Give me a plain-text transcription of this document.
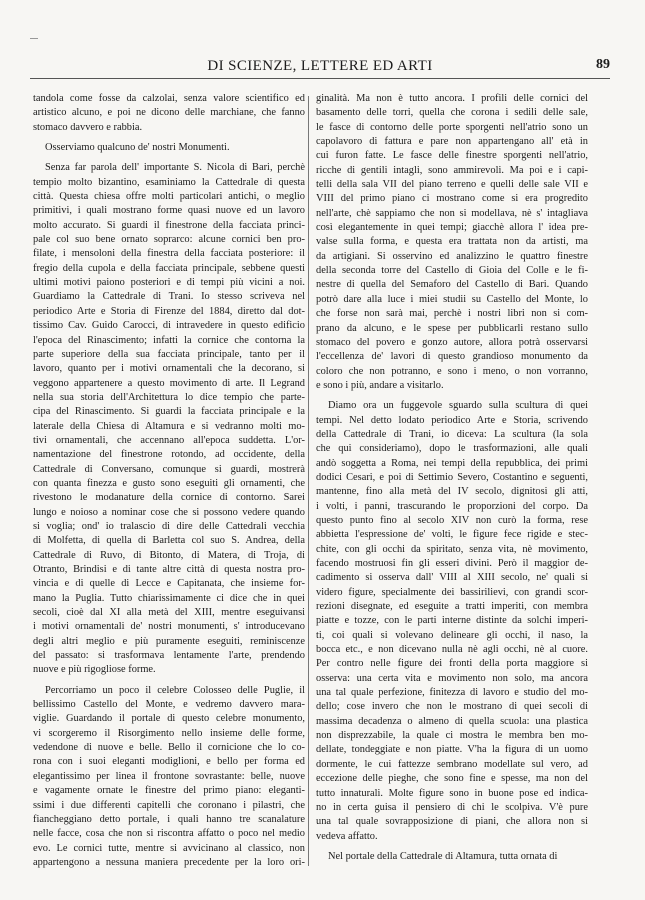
DI SCIENZE, LETTERE ED ARTI	89
tandola come fosse da calzolai, senza valore scientifico ed
artistico alcuno, e poi ne dicono delle marchiane, che fanno
stomaco davvero e rabbia.
Osserviamo qualcuno de' nostri Monumenti.
Senza far parola dell' importante S. Nicola di Bari, perchè
tempio molto bizantino, esaminiamo la Cattedrale di questa
città. Questa chiesa offre molti particolari antichi, o meglio
primitivi, i quali mostrano forme quasi nuove ed un lavoro
molto accurato. Si guardi il finestrone della facciata princi-
pale col suo bene ornato soprarco: alcune cornici ben pro-
filate, i mensoloni della finestra della facciata posteriore: il
fregio della cupola e della facciata principale, sebbene questi
ultimi motivi paiono posteriori e di tempi più vicini a noi.
Guardiamo la Cattedrale di Trani. Io stesso scriveva nel
periodico Arte e Storia di Firenze del 1884, diretto dal dot-
tissimo Cav. Guido Carocci, di intravedere in questo edificio
l'epoca del Rinascimento; infatti la cornice che contorna la
parte superiore della sua facciata principale, tanto per il
lavoro, quanto per i motivi ornamentali che la decorano, si
veggono appartenere a questo movimento di arte. Il Legrand
nella sua storia dell'Architettura lo dice tempio che parte-
cipa del Rinascimento. Si guardi la facciata principale e la
laterale della Chiesa di Altamura e si vedranno molti mo-
tivi ornamentali, che accennano all'epoca suddetta. L'or-
namentazione del finestrone rotondo, ad occidente, della
Cattedrale di Conversano, comunque si guardi, mostrerà
con quanta finezza e gusto sono eseguiti gli ornamenti, che
rivestono le modanature della cornice di contorno. Sarei
lungo e noioso a nominar cose che si possono vedere quando
si voglia; ond' io tralascio di dire delle Cattedrali vecchia
di Molfetta, di quella di Barletta col suo S. Andrea, della
Cattedrale di Ruvo, di Bitonto, di Matera, di Troja, di
Otranto, Brindisi e di tante altre città di questa nostra pro-
vincia e di quelle di Lecce e Capitanata, che insieme for-
mano la Puglia. Tutto chiarissimamente ci dice che in quei
secoli, cioè dal XI alla metà del XIII, mentre eseguivansi
i motivi ornamentali de' nostri monumenti, s' introducevano
degli altri meglio e più puramente eseguiti, reminiscenze
del passato: si trasformava lentamente l'arte, prendendo
nuove e più rigogliose forme.
Percorriamo un poco il celebre Colosseo delle Puglie, il
bellissimo Castello del Monte, e vedremo davvero mara-
viglie. Guardando il portale di questo celebre monumento,
vi scorgeremo il Risorgimento nello insieme delle forme,
vedendone di nuove e belle. Bello il cornicione che lo co-
rona con i suoi eleganti modiglioni, e bello per forma ed
elegantissimo per linea il frontone sovrastante: belle, nuove
e vagamente ornate le finestre del primo piano: eleganti-
ssimi i due differenti capitelli che coronano i pilastri, che
fiancheggiano detto portale, i quali hanno tre scanalature
nelle facce, cosa che non si riscontra affatto o poco nel medio
evo. Le cornici tutte, mentre si avvicinano al classico, non
appartengono a nessuna maniera precedente per la loro ori-
ginalità. Ma non è tutto ancora. I profili delle cornici del
basamento delle torri, quella che corona i sedili delle sale,
le fasce di contorno delle porte sporgenti nell'atrio sono un
capolavoro di fattura e pare non appartengano all' età in
cui furon fatte. Le fasce delle finestre sporgenti nell'atrio,
ricche di gentili intagli, sono ammirevoli. Ma poi e i capi-
telli della sala VII del piano terreno e quelli delle sale VII e
VIII del primo piano ci mostrano come si era progredito
nell'arte, chè sappiamo che non si modellava, nè s' intagliava
così elegantemente in quei tempi; giacchè allora l' idea pre-
valse sulla forma, e questa era trattata non da artisti, ma
da artigiani. Si osservino ed analizzino le quattro finestre
della seconda torre del Castello di Gioia del Colle e le fi-
nestre di quella del Semaforo del Castello di Bari. Quando
potrò dare alla luce i miei studii su Castello del Monte, lo
che forse non sarà mai, perchè i nostri libri non si com-
prano da alcuno, e le spese per pubblicarli restano sullo
stomaco del povero e gonzo autore, allora potrà osservarsi
l'eccellenza de' lavori di questo grandioso monumento da
coloro che non potranno, e sono i meno, o non vorranno,
e sono i più, andare a visitarlo.
Diamo ora un fuggevole sguardo sulla scultura di quei
tempi. Nel detto lodato periodico Arte e Storia, scrivendo
della Cattedrale di Trani, io diceva: La scultura (la sola
che qui consideriamo), dopo le trasformazioni, alle quali
andò soggetta a Roma, nei tempi della repubblica, dei primi
dodici Cesari, e poi di Settimio Severo, Costantino e seguenti,
mantenne, fino alla metà del IV secolo, dignitosi gli atti,
i volti, i panni, trascurando le proporzioni del corpo. Da
questo punto fino al secolo XIV non curò la forma, rese
abbietta l'espressione de' volti, le figure fece rigide e stec-
chite, con gli occhi da spiritato, senza vita, nè movimento,
facendo mostruosi fin gli esseri divini. Però il maggior de-
cadimento si osserva dall' VIII al XIII secolo, ne' quali si
videro figure, specialmente dei bassirilievi, con grandi scor-
rezioni disegnate, ed eseguite a tratti imperiti, con membra
piatte e tozze, con le parti interne distinte da solchi imperi-
ti, coi quali si volevano delineare gli occhi, il naso, la
bocca etc., e non dicevano nulla nè agli occhi, nè al cuore.
Per contro nelle figure dei fronti della porta maggiore si
osserva: una certa vita e movimento non solo, ma ancora
una tal quale perfezione, finitezza di lavoro e studio del mo-
dello; cose invero che non le mostrano di quei secoli di
massima decadenza o almeno di quella scuola: una plastica
non disprezzabile, la quale ci mostra le membra ben mo-
dellate, tondeggiate e non piatte. V'ha la figura di un uomo
dormente, le cui fattezze sembrano modellate sul vero, ad
eccezione delle pieghe, che sono fine e spesse, ma non del
tutto innaturali. Molte figure sono in buone pose ed indica-
no in certa guisa il pensiero di chi le scolpiva. V'è pure
una tal quale sovrapposizione di piani, che allora non si
vedeva affatto.
Nel portale della Cattedrale di Altamura, tutta ornata di
